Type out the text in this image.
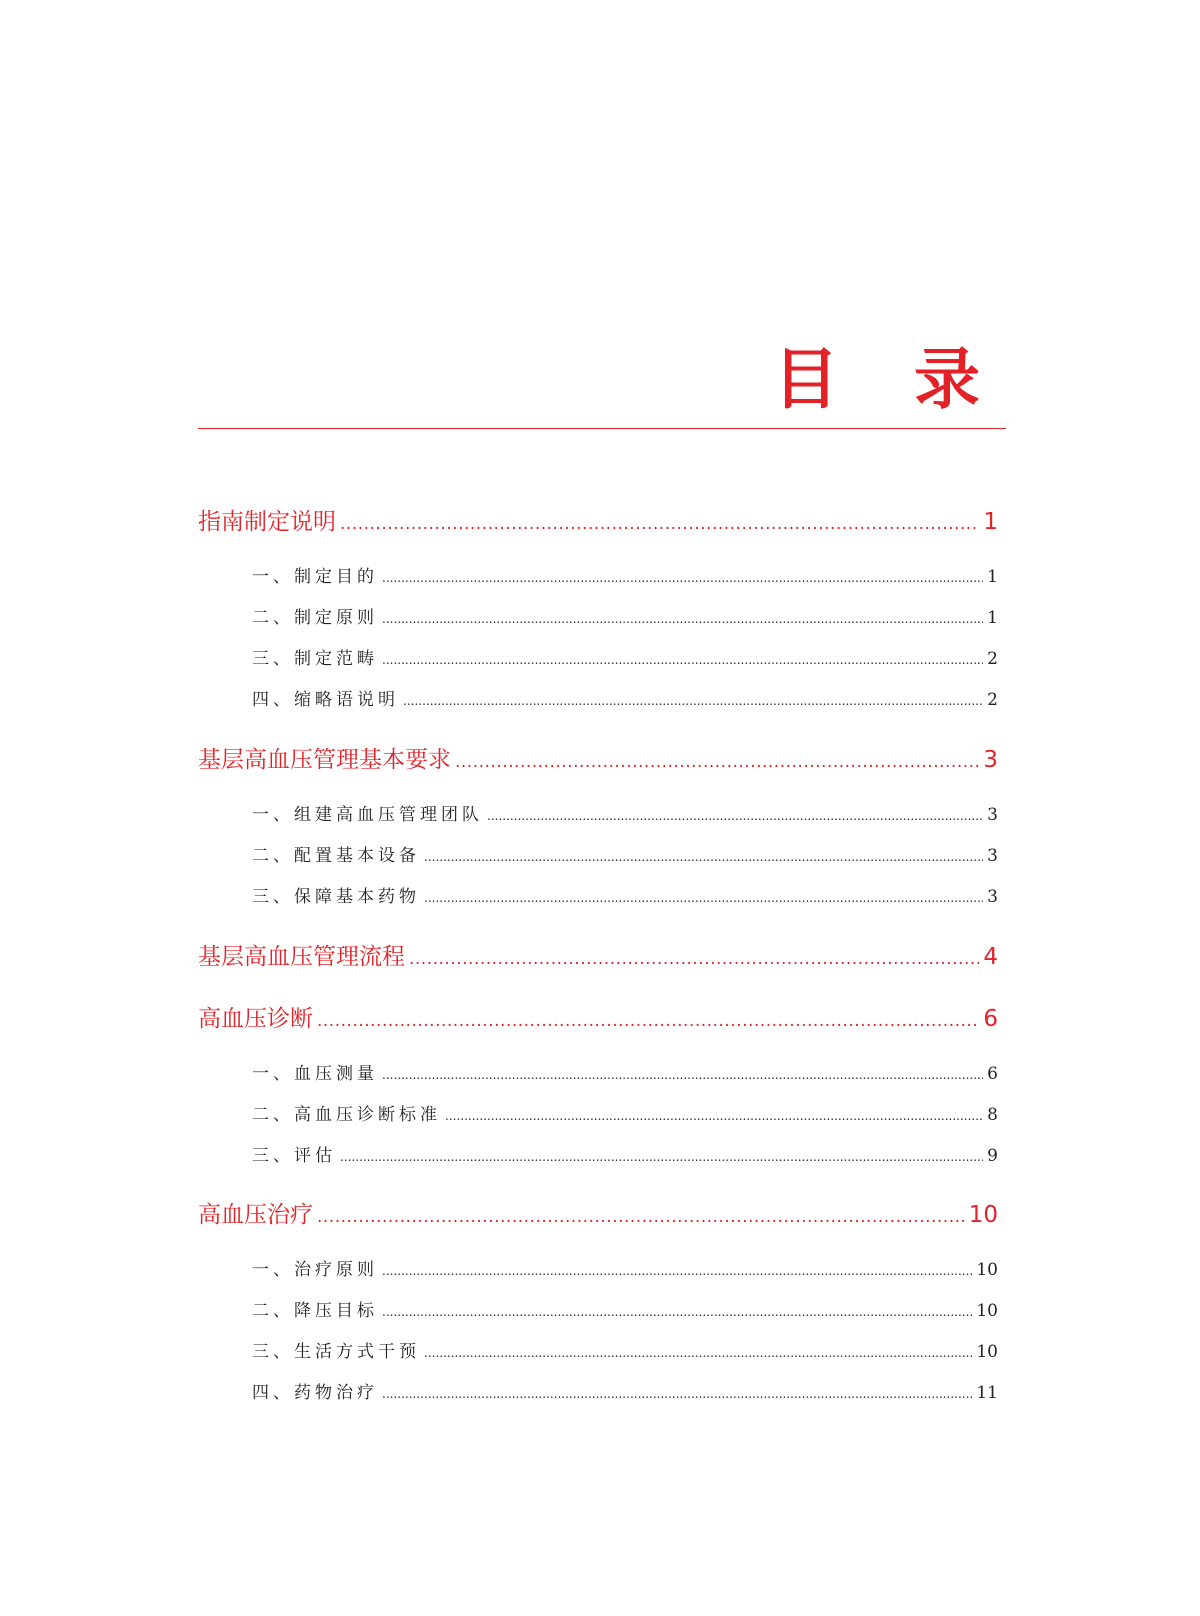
目 录
指南制定说明 .....	1
一、制定目的 .....	1
二、制定原则 .....	1
三、制定范畴 .....	2
四、缩略语说明 .....	2
基层高血压管理基本要求 .....	3
一、组建高血压管理团队 .....	3
二、配置基本设备 .....	3
三、保障基本药物 .....	3
基层高血压管理流程 .....	4
高血压诊断 .....	6
一、血压测量 .....	6
二、高血压诊断标准 .....	8
三、评估 .....	9
高血压治疗 .....	10
一、治疗原则 .....	10
二、降压目标 .....	10
三、生活方式干预 .....	10
四、药物治疗 .....	11
